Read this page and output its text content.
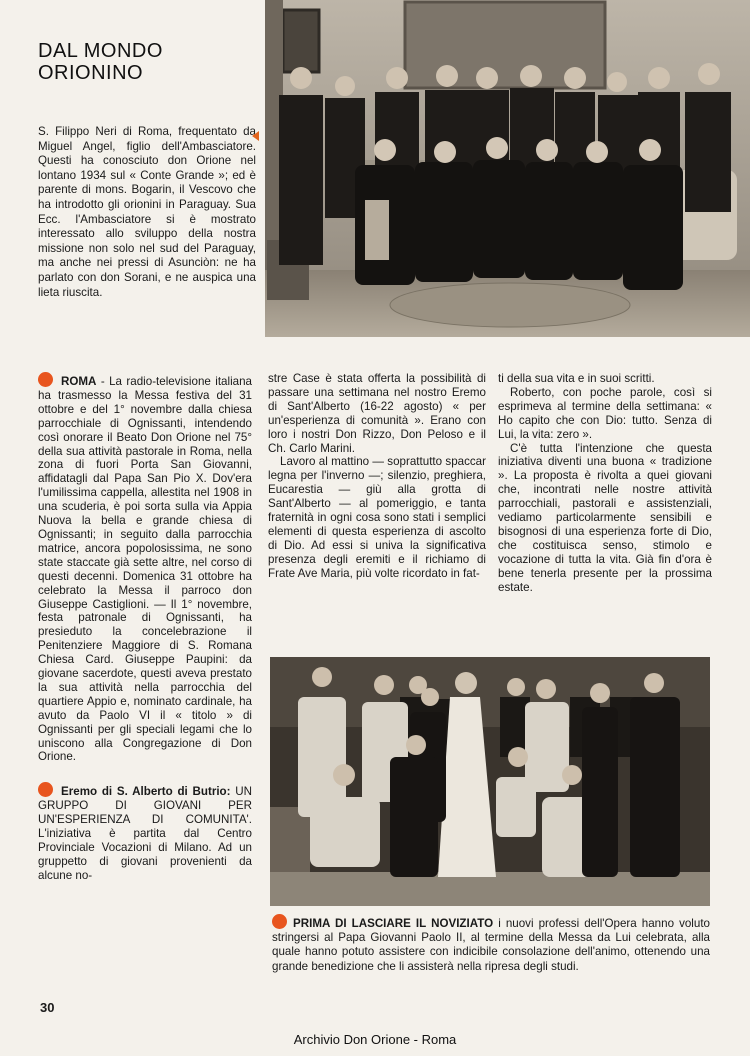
DAL MONDO
ORIONINO
S. Filippo Neri di Roma, frequentato da Miguel Angel, figlio dell'Ambasciatore. Questi ha conosciuto don Orione nel lontano 1934 sul « Conte Grande »; ed è parente di mons. Bogarin, il Vescovo che ha introdotto gli orionini in Paraguay. Sua Ecc. l'Ambasciatore si è mostrato interessato allo sviluppo della nostra missione non solo nel sud del Paraguay, ma anche nei pressi di Asunciòn: ne ha parlato con don Sorani, e ne auspica una lieta riuscita.

ROMA - La radio-televisione italiana ha trasmesso la Messa festiva del 31 ottobre e del 1° novembre dalla chiesa parrocchiale di Ognissanti, intendendo così onorare il Beato Don Orione nel 75° della sua attività pastorale in Roma, nella zona di fuori Porta San Giovanni, affidatagli dal Papa San Pio X. Dov'era l'umilissima cappella, allestita nel 1908 in una scuderia, è poi sorta sulla via Appia Nuova la bella e grande chiesa di Ognissanti; in seguito dalla parrocchia matrice, ancora popolosissima, ne sono state staccate già sette altre, nel corso di questi decenni. Domenica 31 ottobre ha celebrato la Messa il parroco don Giuseppe Castiglioni. — Il 1° novembre, festa patronale di Ognissanti, ha presieduto la concelebrazione il Penitenziere Maggiore di S. Romana Chiesa Card. Giuseppe Paupini: da giovane sacerdote, questi aveva prestato la sua attività nella parrocchia del quartiere Appio e, nominato cardinale, ha avuto da Paolo VI il « titolo » di Ognissanti per gli speciali legami che lo uniscono alla Congregazione di Don Orione.

Eremo di S. Alberto di Butrio: UN GRUPPO DI GIOVANI PER UN'ESPERIENZA DI COMUNITA'. L'iniziativa è partita dal Centro Provinciale Vocazioni di Milano. Ad un gruppetto di giovani provenienti da alcune no-

stre Case è stata offerta la possibilità di passare una settimana nel nostro Eremo di Sant'Alberto (16-22 agosto) « per un'esperienza di comunità ». Erano con loro i nostri Don Rizzo, Don Peloso e il Ch. Carlo Marini.

Lavoro al mattino — soprattutto spaccar legna per l'inverno —; silenzio, preghiera, Eucarestia — giù alla grotta di Sant'Alberto — al pomeriggio, e tanta fraternità in ogni cosa sono stati i semplici elementi di questa esperienza di ascolto di Dio. Ad essi si univa la significativa presenza degli eremiti e il richiamo di Frate Ave Maria, più volte ricordato in fat-

ti della sua vita e in suoi scritti.

Roberto, con poche parole, così si esprimeva al termine della settimana: « Ho capito che con Dio: tutto. Senza di Lui, la vita: zero ».

C'è tutta l'intenzione che questa iniziativa diventi una buona « tradizione ». La proposta è rivolta a quei giovani che, incontrati nelle nostre attività parrocchiali, pastorali e assistenziali, vediamo particolarmente sensibili e bisognosi di una esperienza forte di Dio, che costituisca senso, stimolo e vocazione di tutta la vita. Già fin d'ora è bene tenerla presente per la prossima estate.

PRIMA DI LASCIARE IL NOVIZIATO i nuovi professi dell'Opera hanno voluto stringersi al Papa Giovanni Paolo II, al termine della Messa da Lui celebrata, alla quale hanno potuto assistere con indicibile consolazione dell'animo, ottenendo una grande benedizione che li assisterà nella ripresa degli studi.
30
Archivio Don Orione - Roma
